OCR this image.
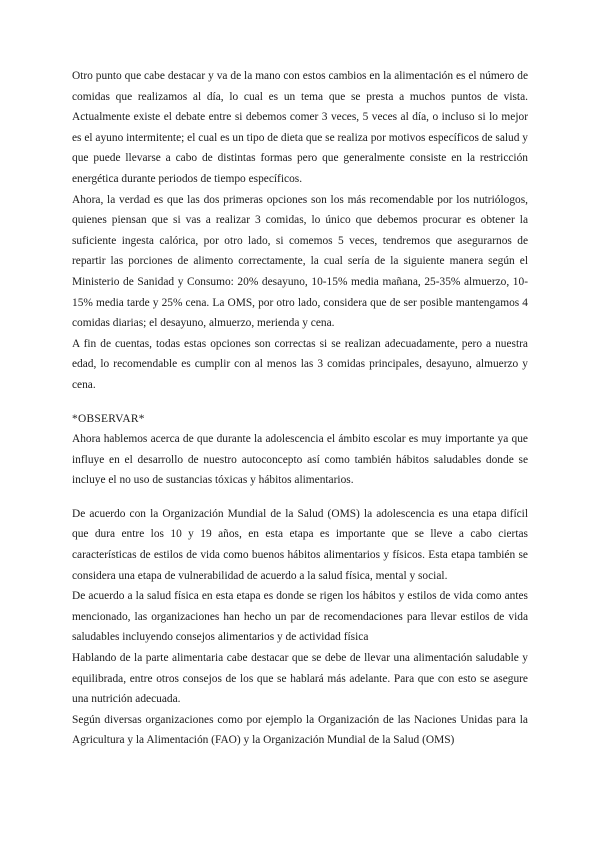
Otro punto que cabe destacar y va de la mano con estos cambios en la alimentación es el número de comidas que realizamos al día, lo cual es un tema que se presta a muchos puntos de vista. Actualmente existe el debate entre si debemos comer 3 veces, 5 veces al día, o incluso si lo mejor es el ayuno intermitente; el cual es un tipo de dieta que se realiza por motivos específicos de salud y que puede llevarse a cabo de distintas formas pero que generalmente consiste en la restricción energética durante periodos de tiempo específicos.

Ahora, la verdad es que las dos primeras opciones son los más recomendable por los nutriólogos, quienes piensan que si vas a realizar 3 comidas, lo único que debemos procurar es obtener la suficiente ingesta calórica, por otro lado, si comemos 5 veces, tendremos que asegurarnos de repartir las porciones de alimento correctamente, la cual sería de la siguiente manera según el Ministerio de Sanidad y Consumo: 20% desayuno, 10-15% media mañana, 25-35% almuerzo, 10-15% media tarde y 25% cena. La OMS, por otro lado, considera que de ser posible mantengamos 4 comidas diarias; el desayuno, almuerzo, merienda y cena.

A fin de cuentas, todas estas opciones son correctas si se realizan adecuadamente, pero a nuestra edad, lo recomendable es cumplir con al menos las 3 comidas principales, desayuno, almuerzo y cena.

*OBSERVAR*

Ahora hablemos acerca de que durante la adolescencia el ámbito escolar es muy importante ya que influye en el desarrollo de nuestro autoconcepto así como también hábitos saludables donde se incluye el no uso de sustancias tóxicas y hábitos alimentarios.

De acuerdo con la Organización Mundial de la Salud (OMS) la adolescencia es una etapa difícil que dura entre los 10 y 19 años, en esta etapa es importante que se lleve a cabo ciertas características de estilos de vida como buenos hábitos alimentarios y físicos. Esta etapa también se considera una etapa de vulnerabilidad de acuerdo a la salud física, mental y social.

De acuerdo a la salud física en esta etapa es donde se rigen los hábitos y estilos de vida como antes mencionado, las organizaciones han hecho un par de recomendaciones para llevar estilos de vida saludables incluyendo consejos alimentarios y de actividad física

Hablando de la parte alimentaria cabe destacar que se debe de llevar una alimentación saludable y equilibrada, entre otros consejos de los que se hablará más adelante. Para que con esto se asegure una nutrición adecuada.

Según diversas organizaciones como por ejemplo la Organización de las Naciones Unidas para la Agricultura y la Alimentación (FAO) y la Organización Mundial de la Salud (OMS)
